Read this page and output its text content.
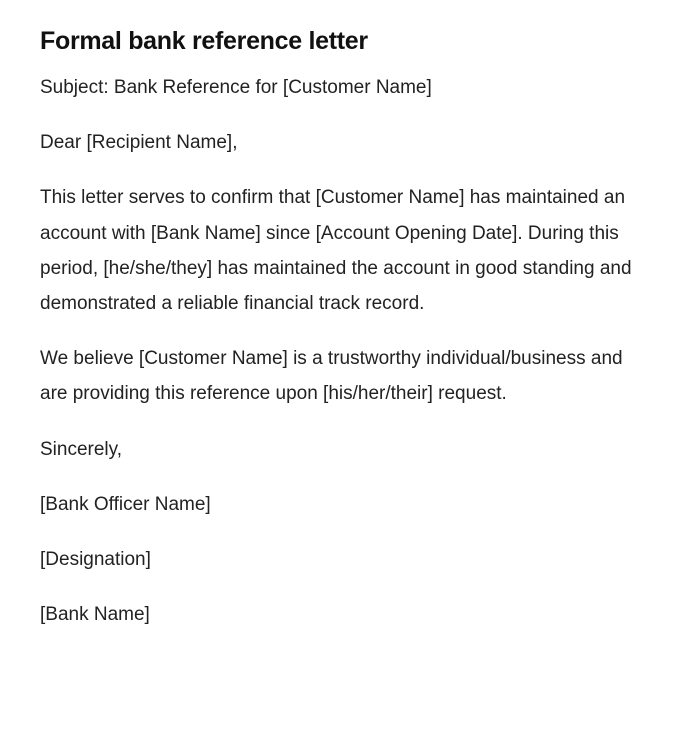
Formal bank reference letter

Subject: Bank Reference for [Customer Name]

Dear [Recipient Name],

This letter serves to confirm that [Customer Name] has maintained an account with [Bank Name] since [Account Opening Date]. During this period, [he/she/they] has maintained the account in good standing and demonstrated a reliable financial track record.

We believe [Customer Name] is a trustworthy individual/business and are providing this reference upon [his/her/their] request.

Sincerely,

[Bank Officer Name]

[Designation]

[Bank Name]
